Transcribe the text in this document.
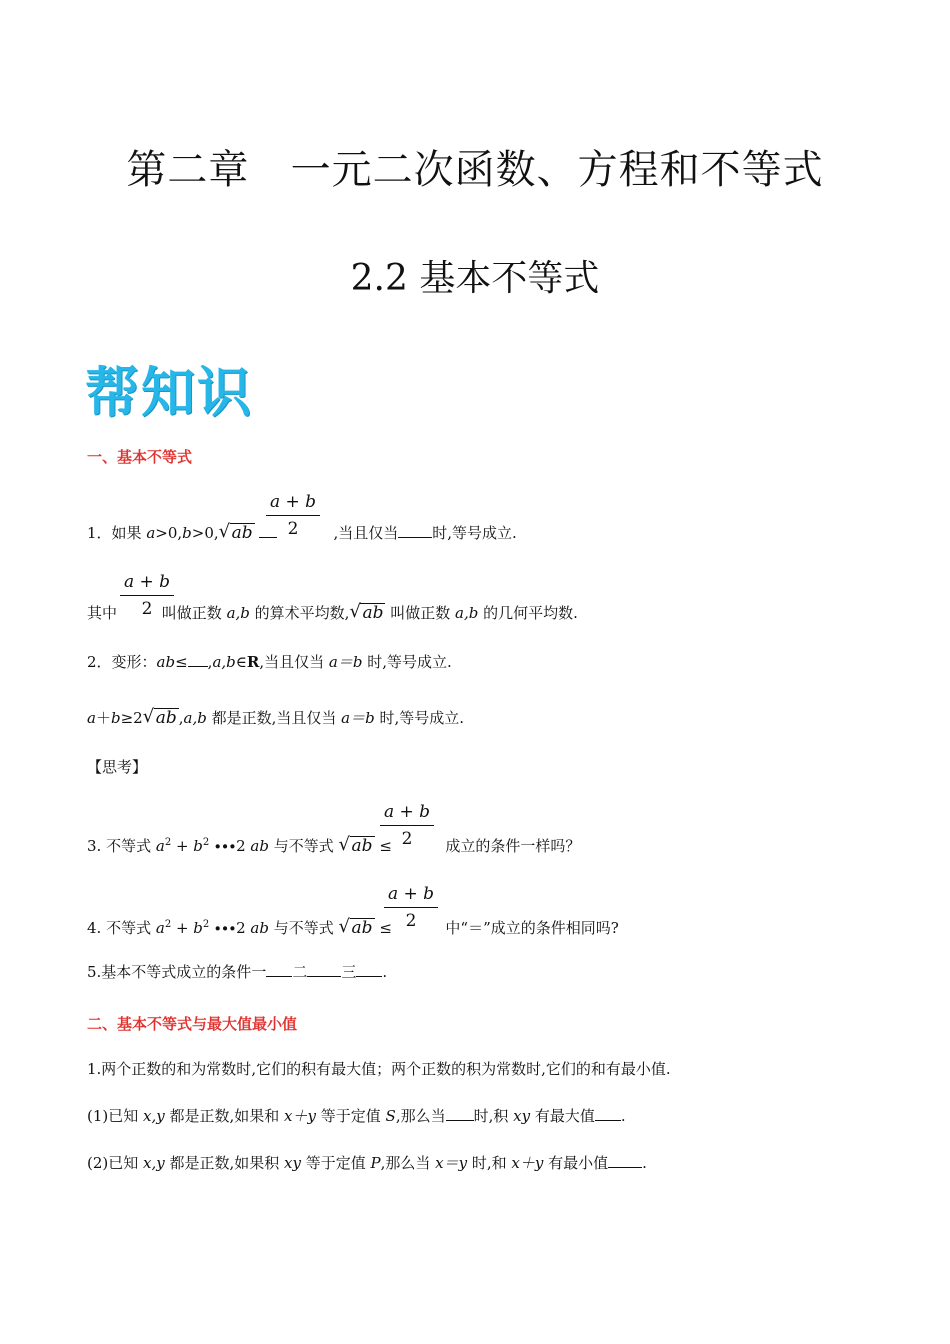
第二章   一元二次函数、方程和不等式
2.2 基本不等式
帮知识
一、基本不等式
a + b
2
1．如果 a>0,b>0, √ ab	,当且仅当 时,等号成立.
a + b
2
其中	叫做正数 a,b 的算术平均数, √ ab 叫做正数 a,b 的几何平均数.
2．变形：ab≤ ,a,b∈R,当且仅当 a＝b 时,等号成立.
a＋b≥2 √ ab ,a,b 都是正数,当且仅当 a＝b 时,等号成立.
【思考】
a + b
2
3. 不等式 $a^2 + b^2 \cdot\cdot\cdot 2$ ab 与不等式 √ ab ≤	成立的条件一样吗？
a + b
2
4. 不等式 $a^2 + b^2 \cdot\cdot\cdot 2$ ab 与不等式 √ ab ≤	中“＝”成立的条件相同吗?
5.基本不等式成立的条件一 二 三 .
二、基本不等式与最大值最小值
1.两个正数的和为常数时,它们的积有最大值；两个正数的积为常数时,它们的和有最小值.
(1)已知 x,y 都是正数,如果和 x＋y 等于定值 S,那么当 时,积 xy 有最大值 .
(2)已知 x,y 都是正数,如果积 xy 等于定值 P,那么当 x＝y 时,和 x＋y 有最小值 .
